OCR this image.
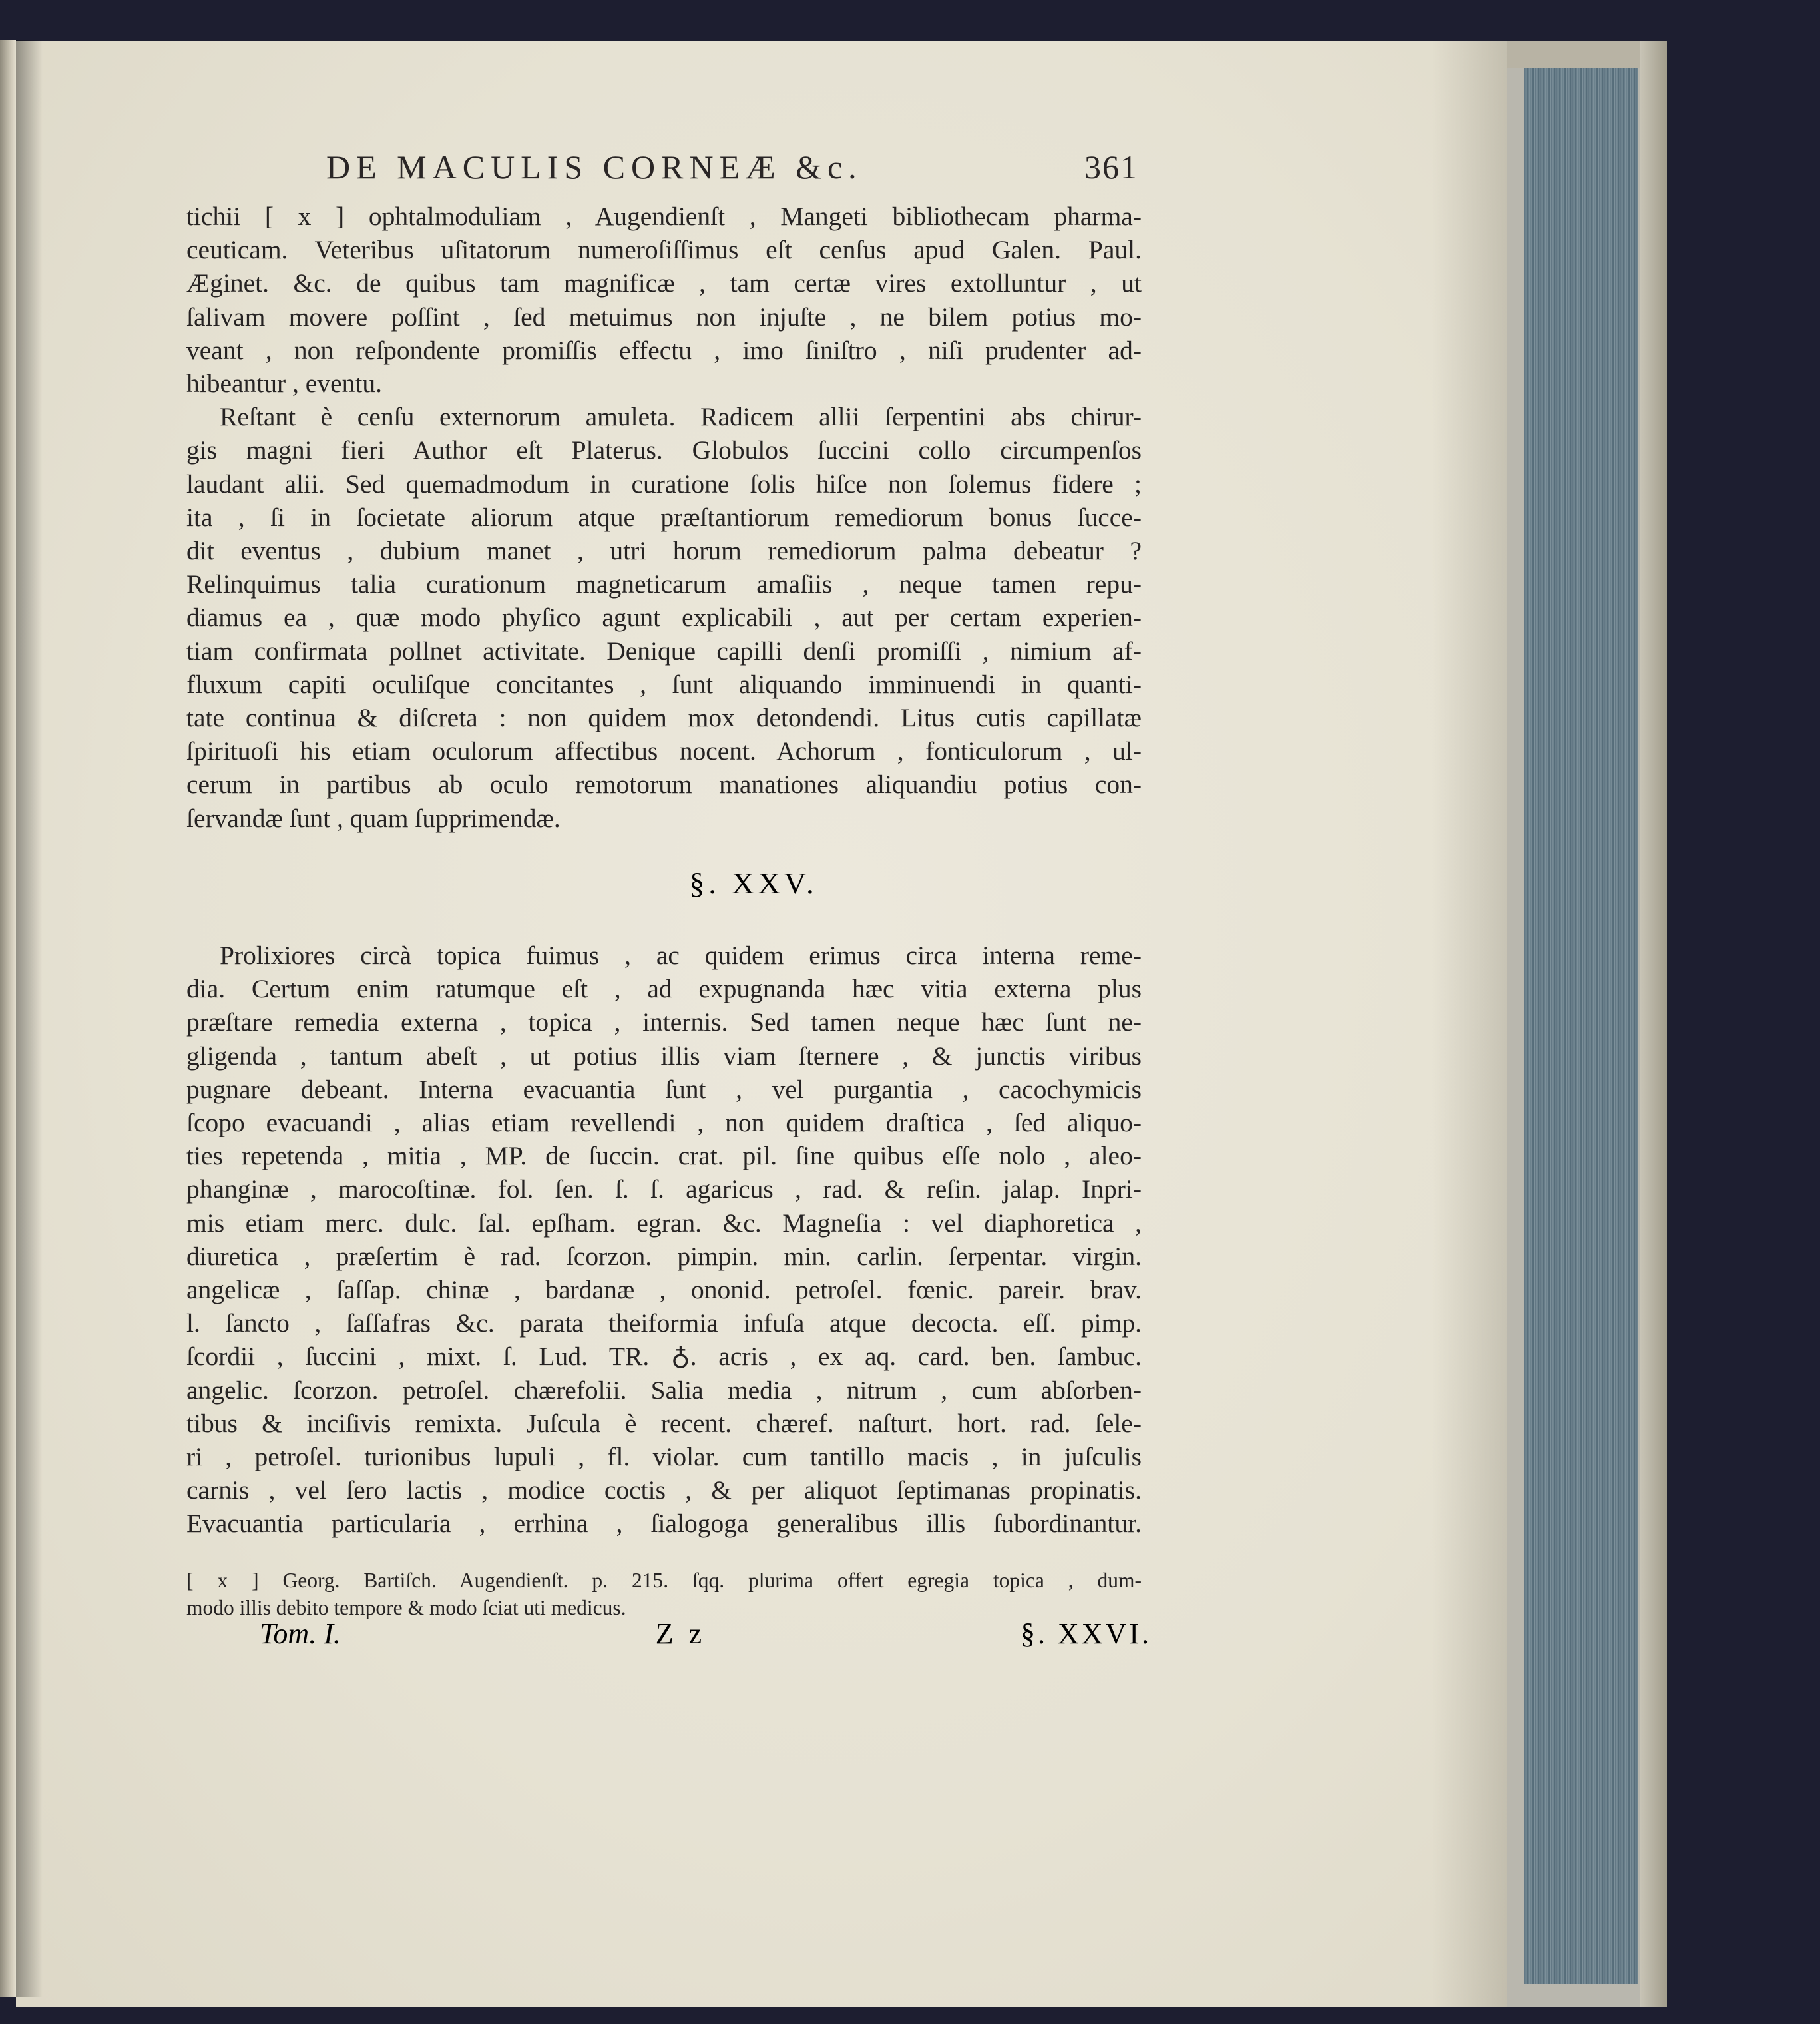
DE MACULIS CORNEÆ &c.	361
tichii [ x ] ophtalmoduliam , Augendienſt , Mangeti bibliothecam pharma-
ceuticam. Veteribus uſitatorum numeroſiſſimus eſt cenſus apud Galen. Paul.
Æginet. &c. de quibus tam magnificæ , tam certæ vires extolluntur , ut
ſalivam movere poſſint , ſed metuimus non injuſte , ne bilem potius mo-
veant , non reſpondente promiſſis effectu , imo ſiniſtro , niſi prudenter ad-
hibeantur , eventu.
Reſtant è cenſu externorum amuleta. Radicem allii ſerpentini abs chirur-
gis magni fieri Author eſt Platerus. Globulos ſuccini collo circumpenſos
laudant alii. Sed quemadmodum in curatione ſolis hiſce non ſolemus fidere ;
ita , ſi in ſocietate aliorum atque præſtantiorum remediorum bonus ſucce-
dit eventus , dubium manet , utri horum remediorum palma debeatur ?
Relinquimus talia curationum magneticarum amaſiis , neque tamen repu-
diamus ea , quæ modo phyſico agunt explicabili , aut per certam experien-
tiam confirmata pollnet activitate. Denique capilli denſi promiſſi , nimium af-
fluxum capiti oculiſque concitantes , ſunt aliquando imminuendi in quanti-
tate continua & diſcreta : non quidem mox detondendi. Litus cutis capillatæ
ſpirituoſi his etiam oculorum affectibus nocent. Achorum , fonticulorum , ul-
cerum in partibus ab oculo remotorum manationes aliquandiu potius con-
ſervandæ ſunt , quam ſupprimendæ.
§. XXV.
Prolixiores circà topica fuimus , ac quidem erimus circa interna reme-
dia. Certum enim ratumque eſt , ad expugnanda hæc vitia externa plus
præſtare remedia externa , topica , internis. Sed tamen neque hæc ſunt ne-
gligenda , tantum abeſt , ut potius illis viam ſternere , & junctis viribus
pugnare debeant. Interna evacuantia ſunt , vel purgantia , cacochymicis
ſcopo evacuandi , alias etiam revellendi , non quidem draſtica , ſed aliquo-
ties repetenda , mitia , MP. de ſuccin. crat. pil. ſine quibus eſſe nolo , aleo-
phanginæ , marocoſtinæ. fol. ſen. ſ. ſ. agaricus , rad. & reſin. jalap. Inpri-
mis etiam merc. dulc. ſal. epſham. egran. &c. Magneſia : vel diaphoretica ,
diuretica , præſertim è rad. ſcorzon. pimpin. min. carlin. ſerpentar. virgin.
angelicæ , ſaſſap. chinæ , bardanæ , ononid. petroſel. fœnic. pareir. brav.
l. ſancto , ſaſſafras &c. parata theiformia infuſa atque decocta. eſſ. pimp.
ſcordii , ſuccini , mixt. ſ. Lud. TR. ♁. acris , ex aq. card. ben. ſambuc.
angelic. ſcorzon. petroſel. chærefolii. Salia media , nitrum , cum abſorben-
tibus & inciſivis remixta. Juſcula è recent. chæref. naſturt. hort. rad. ſele-
ri , petroſel. turionibus lupuli , fl. violar. cum tantillo macis , in juſculis
carnis , vel ſero lactis , modice coctis , & per aliquot ſeptimanas propinatis.
Evacuantia particularia , errhina , ſialogoga generalibus illis ſubordinantur.
[ x ] Georg. Bartiſch. Augendienſt. p. 215. ſqq. plurima offert egregia topica , dum-
modo illis debito tempore & modo ſciat uti medicus.
Tom. I.	Z z	§. XXVI.
